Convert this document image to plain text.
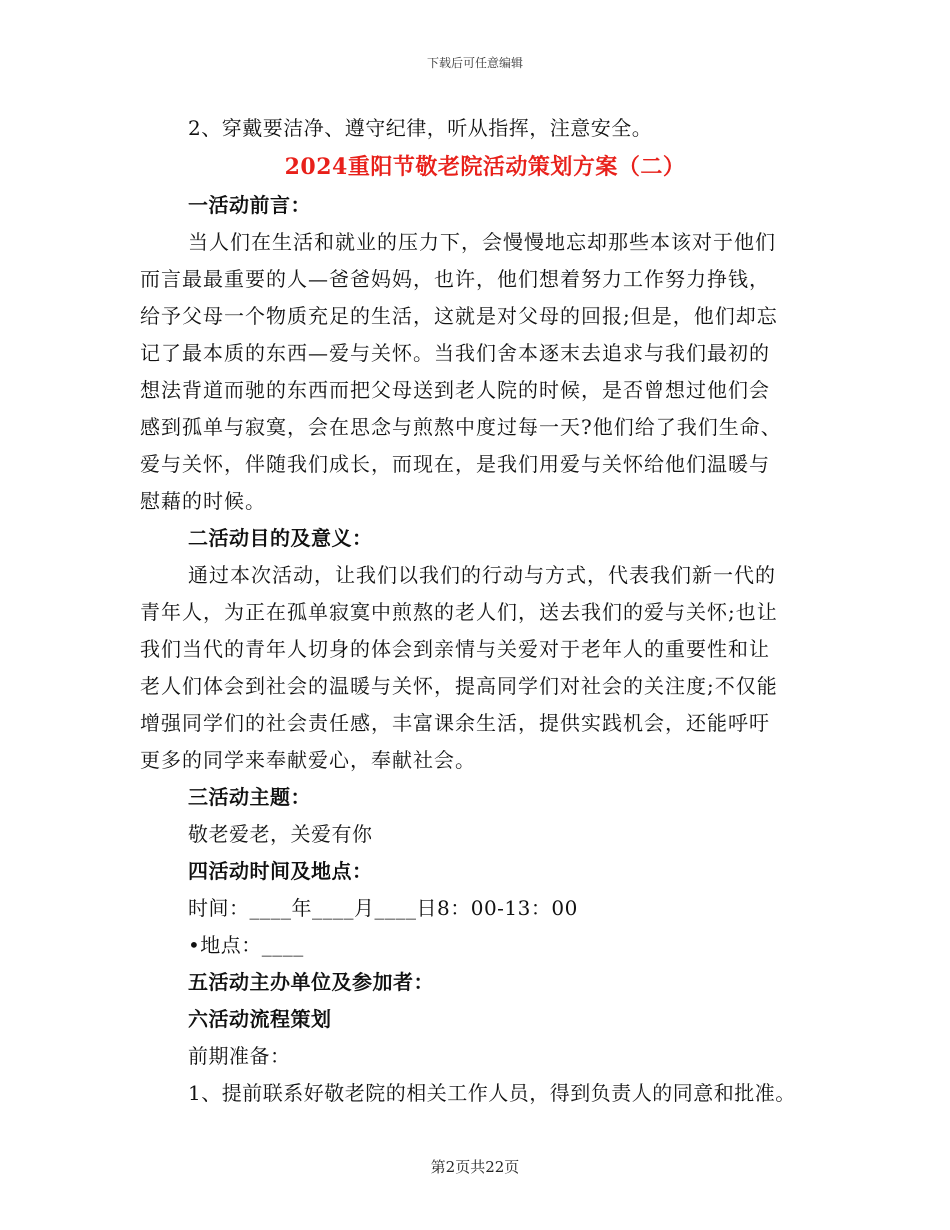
下载后可任意编辑
2、穿戴要洁净、遵守纪律，听从指挥，注意安全。
2024重阳节敬老院活动策划方案（二）
一活动前言：
当人们在生活和就业的压力下，会慢慢地忘却那些本该对于他们
而言最最重要的人—爸爸妈妈，也许，他们想着努力工作努力挣钱，
给予父母一个物质充足的生活，这就是对父母的回报;但是，他们却忘
记了最本质的东西—爱与关怀。当我们舍本逐末去追求与我们最初的
想法背道而驰的东西而把父母送到老人院的时候，是否曾想过他们会
感到孤单与寂寞，会在思念与煎熬中度过每一天?他们给了我们生命、
爱与关怀，伴随我们成长，而现在，是我们用爱与关怀给他们温暖与
慰藉的时候。
二活动目的及意义：
通过本次活动，让我们以我们的行动与方式，代表我们新一代的
青年人，为正在孤单寂寞中煎熬的老人们，送去我们的爱与关怀;也让
我们当代的青年人切身的体会到亲情与关爱对于老年人的重要性和让
老人们体会到社会的温暖与关怀，提高同学们对社会的关注度;不仅能
增强同学们的社会责任感，丰富课余生活，提供实践机会，还能呼吁
更多的同学来奉献爱心，奉献社会。
三活动主题：
敬老爱老，关爱有你
四活动时间及地点：
时间：____年____月____日8：00-13：00
•地点：____
五活动主办单位及参加者：
六活动流程策划
前期准备：
1、提前联系好敬老院的相关工作人员，得到负责人的同意和批准。
第2页共22页
